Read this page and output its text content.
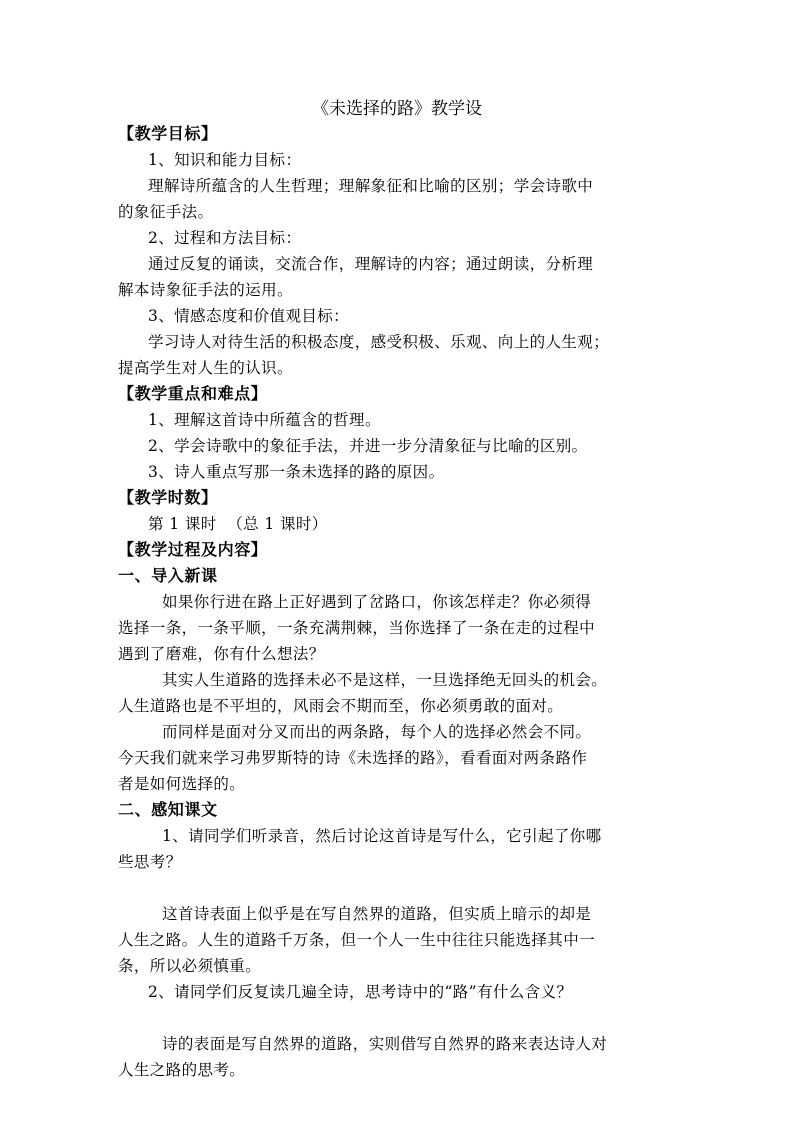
《未选择的路》教学设
【教学目标】
1、知识和能力目标：
理解诗所蕴含的人生哲理；理解象征和比喻的区别；学会诗歌中
的象征手法。
2、过程和方法目标：
通过反复的诵读，交流合作，理解诗的内容；通过朗读，分析理
解本诗象征手法的运用。
3、情感态度和价值观目标：
学习诗人对待生活的积极态度，感受积极、乐观、向上的人生观；
提高学生对人生的认识。
【教学重点和难点】
1、理解这首诗中所蕴含的哲理。
2、学会诗歌中的象征手法，并进一步分清象征与比喻的区别。
3、诗人重点写那一条未选择的路的原因。
【教学时数】
第 1 课时  （总 1 课时）
【教学过程及内容】
一、导入新课
如果你行进在路上正好遇到了岔路口，你该怎样走？你必须得
选择一条，一条平顺，一条充满荆棘，当你选择了一条在走的过程中
遇到了磨难，你有什么想法？
其实人生道路的选择未必不是这样，一旦选择绝无回头的机会。
人生道路也是不平坦的，风雨会不期而至，你必须勇敢的面对。
而同样是面对分叉而出的两条路，每个人的选择必然会不同。
今天我们就来学习弗罗斯特的诗《未选择的路》，看看面对两条路作
者是如何选择的。
二、感知课文
1、请同学们听录音，然后讨论这首诗是写什么，它引起了你哪
些思考？
这首诗表面上似乎是在写自然界的道路，但实质上暗示的却是
人生之路。人生的道路千万条，但一个人一生中往往只能选择其中一
条，所以必须慎重。
2、请同学们反复读几遍全诗，思考诗中的“路”有什么含义？
诗的表面是写自然界的道路，实则借写自然界的路来表达诗人对
人生之路的思考。
